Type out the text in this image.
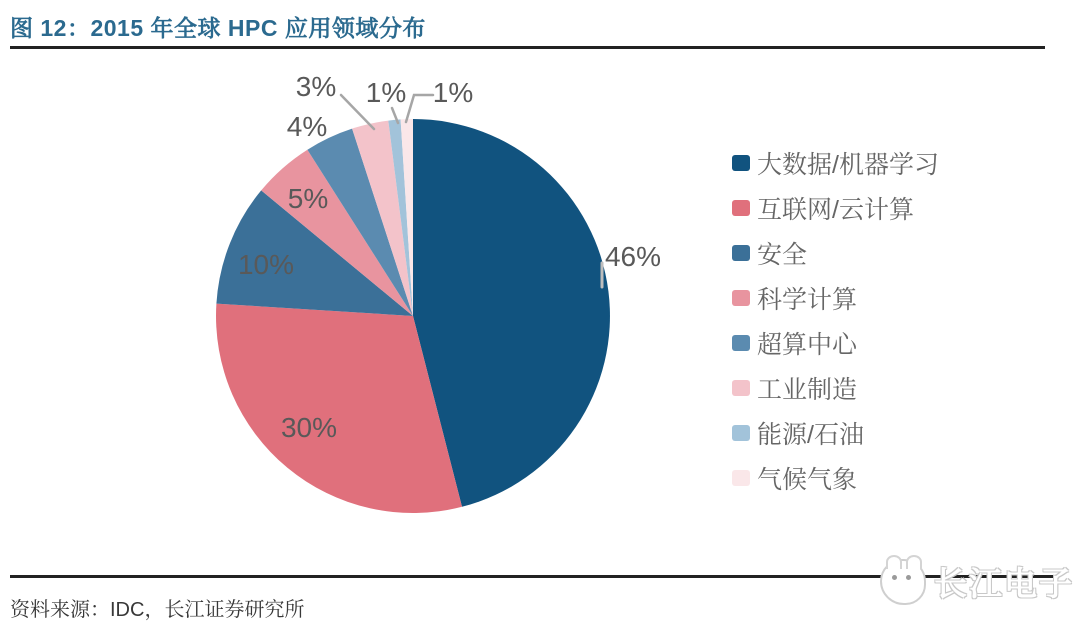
图 12：2015 年全球 HPC 应用领域分布
46%
30%
10%
5%
4%
3% 1% 1%
大数据/机器学习
互联网/云计算
安全
科学计算
超算中心
工业制造
能源/石油
气候气象
资料来源：IDC，长江证券研究所
长江电子
